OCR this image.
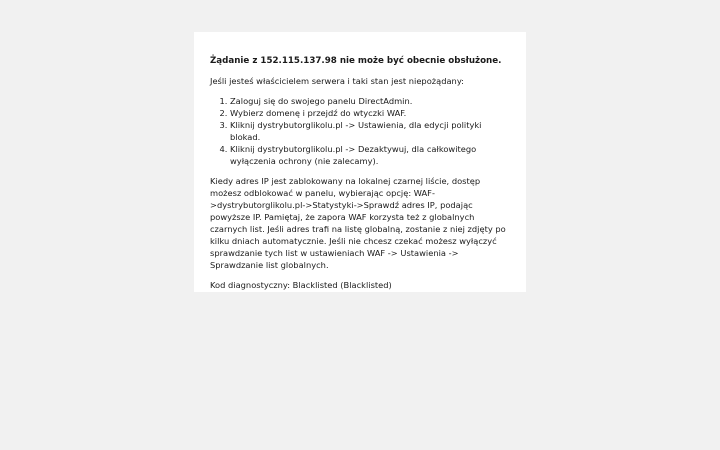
Żądanie z 152.115.137.98 nie może być obecnie obsłużone.
Jeśli jesteś właścicielem serwera i taki stan jest niepożądany:
1. Zaloguj się do swojego panelu DirectAdmin.
2. Wybierz domenę i przejdź do wtyczki WAF.
3. Kliknij dystrybutorglikolu.pl -> Ustawienia, dla edycji polityki blokad.
4. Kliknij dystrybutorglikolu.pl -> Dezaktywuj, dla całkowitego wyłączenia ochrony (nie zalecamy).
Kiedy adres IP jest zablokowany na lokalnej czarnej liście, dostęp możesz odblokować w panelu, wybierając opcję: WAF->dystrybutorglikolu.pl->Statystyki->Sprawdź adres IP, podając powyższe IP. Pamiętaj, że zapora WAF korzysta też z globalnych czarnych list. Jeśli adres trafi na listę globalną, zostanie z niej zdjęty po kilku dniach automatycznie. Jeśli nie chcesz czekać możesz wyłączyć sprawdzanie tych list w ustawieniach WAF -> Ustawienia -> Sprawdzanie list globalnych.
Kod diagnostyczny: Blacklisted (Blacklisted)
